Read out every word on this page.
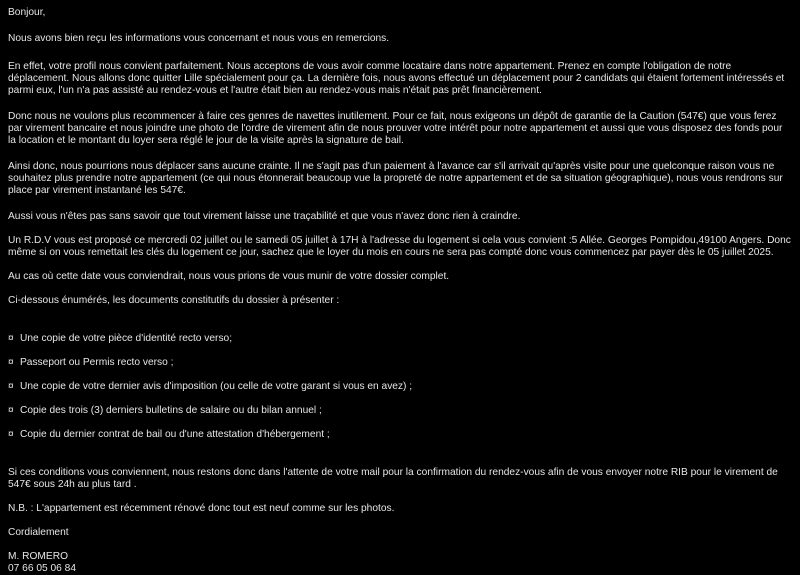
Bonjour,

Nous avons bien reçu les informations vous concernant et nous vous en remercions.

En effet, votre profil nous convient parfaitement. Nous acceptons de vous avoir comme locataire dans notre appartement. Prenez en compte l'obligation de notre déplacement. Nous allons donc quitter Lille spécialement pour ça. La dernière fois, nous avons effectué un déplacement pour 2 candidats qui étaient fortement intéressés et parmi eux, l'un n'a pas assisté au rendez-vous et l'autre était bien au rendez-vous mais n'était pas prêt financièrement.

Donc nous ne voulons plus recommencer à faire ces genres de navettes inutilement. Pour ce fait, nous exigeons un dépôt de garantie de la Caution (547€) que vous ferez par virement bancaire et nous joindre une photo de l'ordre de virement afin de nous prouver votre intérêt pour notre appartement et aussi que vous disposez des fonds pour la location et le montant du loyer sera réglé le jour de la visite après la signature de bail.

Ainsi donc, nous pourrions nous déplacer sans aucune crainte. Il ne s'agit pas d'un paiement à l'avance car s'il arrivait qu'après visite pour une quelconque raison vous ne souhaitez plus prendre notre appartement (ce qui nous étonnerait beaucoup vue la propreté de notre appartement et de sa situation géographique), nous vous rendrons sur place par virement instantané les 547€.

Aussi vous n'êtes pas sans savoir que tout virement laisse une traçabilité et que vous n'avez donc rien à craindre.

Un R.D.V vous est proposé ce mercredi 02 juillet ou le samedi 05 juillet à 17H à l'adresse du logement si cela vous convient :5 Allée. Georges Pompidou,49100 Angers. Donc même si on vous remettait les clés du logement ce jour, sachez que le loyer du mois en cours ne sera pas compté donc vous commencez par payer dès le 05 juillet 2025.

Au cas où cette date vous conviendrait, nous vous prions de vous munir de votre dossier complet.

Ci-dessous énumérés, les documents constitutifs du dossier à présenter :

¤ Une copie de votre pièce d'identité recto verso;

¤ Passeport ou Permis recto verso ;

¤ Une copie de votre dernier avis d'imposition (ou celle de votre garant si vous en avez) ;

¤ Copie des trois (3) derniers bulletins de salaire ou du bilan annuel ;

¤ Copie du dernier contrat de bail ou d'une attestation d'hébergement ;

Si ces conditions vous conviennent, nous restons donc dans l'attente de votre mail pour la confirmation du rendez-vous afin de vous envoyer notre RIB pour le virement de 547€ sous 24h au plus tard .

N.B. : L'appartement est récemment rénové donc tout est neuf comme sur les photos.

Cordialement

M. ROMERO

07 66 05 06 84
